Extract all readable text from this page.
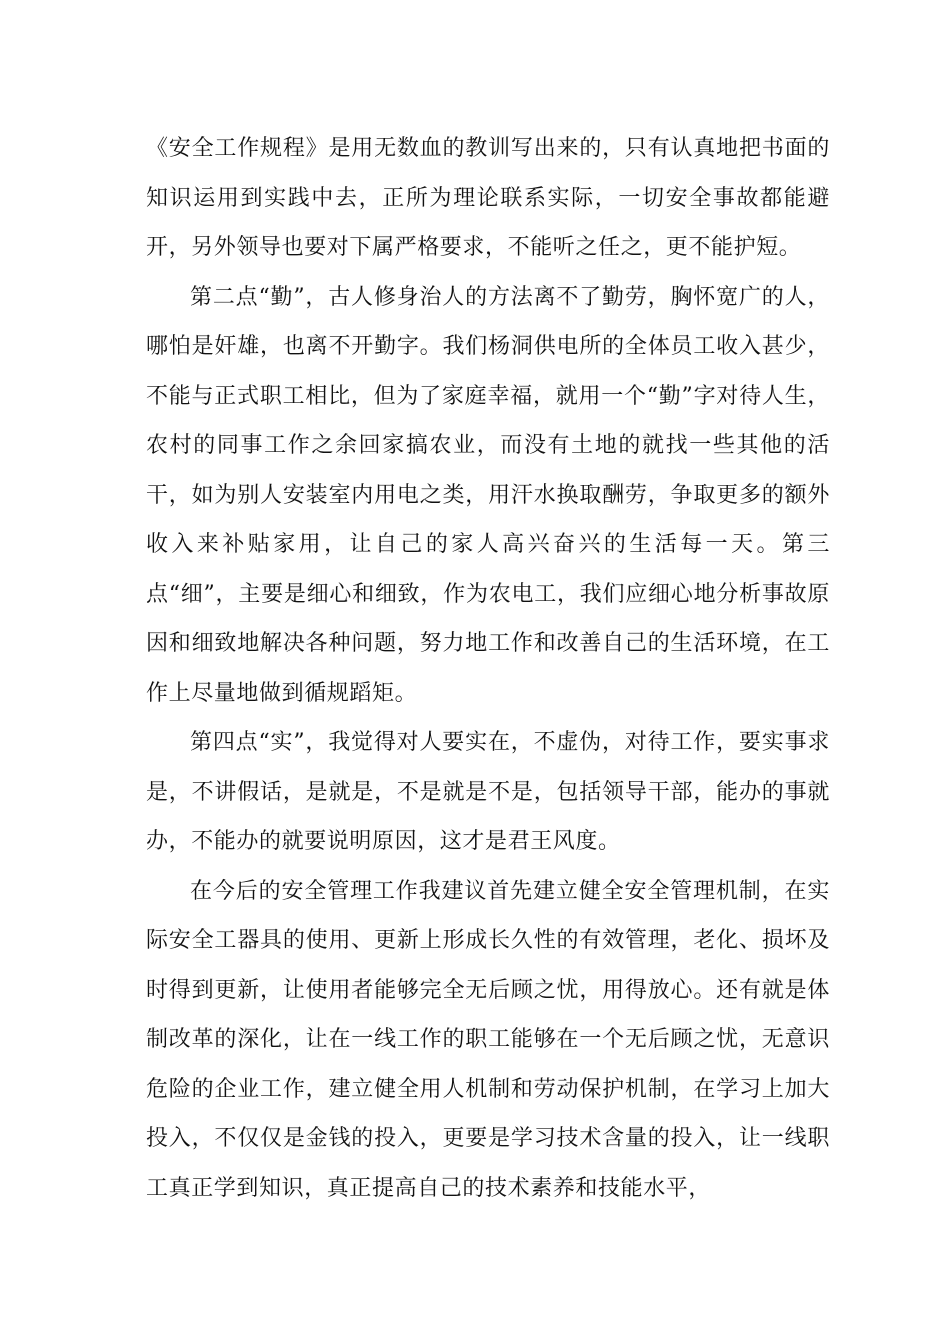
《安全工作规程》是用无数血的教训写出来的，只有认真地把书面的知识运用到实践中去，正所为理论联系实际，一切安全事故都能避开，另外领导也要对下属严格要求，不能听之任之，更不能护短。

第二点“勤”，古人修身治人的方法离不了勤劳，胸怀宽广的人，哪怕是奸雄，也离不开勤字。我们杨洞供电所的全体员工收入甚少，不能与正式职工相比，但为了家庭幸福，就用一个“勤”字对待人生，农村的同事工作之余回家搞农业，而没有土地的就找一些其他的活干，如为别人安装室内用电之类，用汗水换取酬劳，争取更多的额外收入来补贴家用，让自己的家人高兴奋兴的生活每一天。第三点“细”，主要是细心和细致，作为农电工，我们应细心地分析事故原因和细致地解决各种问题，努力地工作和改善自己的生活环境，在工作上尽量地做到循规蹈矩。

第四点“实”，我觉得对人要实在，不虚伪，对待工作，要实事求是，不讲假话，是就是，不是就是不是，包括领导干部，能办的事就办，不能办的就要说明原因，这才是君王风度。

在今后的安全管理工作我建议首先建立健全安全管理机制，在实际安全工器具的使用、更新上形成长久性的有效管理，老化、损坏及时得到更新，让使用者能够完全无后顾之忧，用得放心。还有就是体制改革的深化，让在一线工作的职工能够在一个无后顾之忧，无意识危险的企业工作，建立健全用人机制和劳动保护机制，在学习上加大投入，不仅仅是金钱的投入，更要是学习技术含量的投入，让一线职工真正学到知识，真正提高自己的技术素养和技能水平，
